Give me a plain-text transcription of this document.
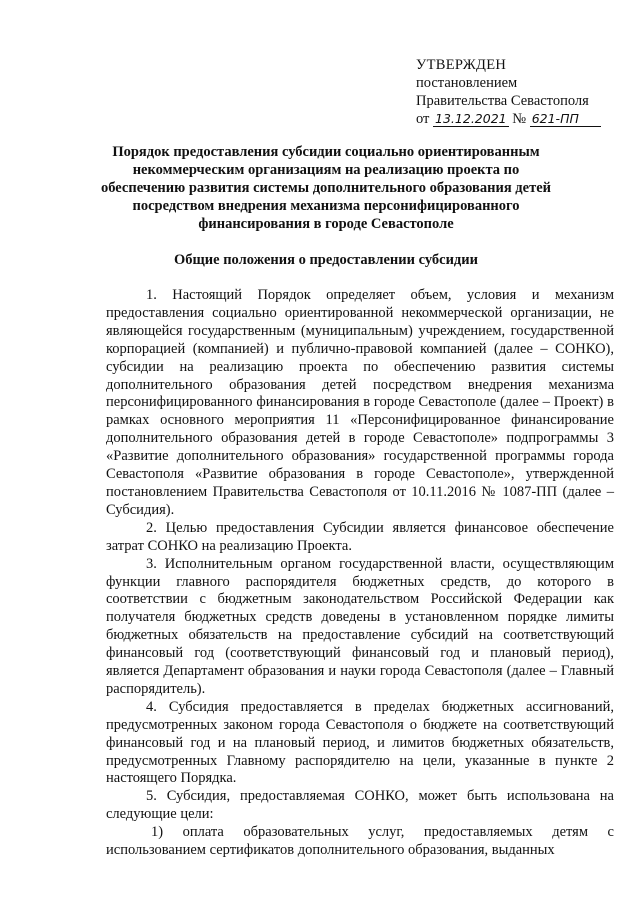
УТВЕРЖДЕН
постановлением
Правительства Севастополя
от 13.12.2021 № 621-ПП
Порядок предоставления субсидии социально ориентированным некоммерческим организациям на реализацию проекта по обеспечению развития системы дополнительного образования детей посредством внедрения механизма персонифицированного финансирования в городе Севастополе
Общие положения о предоставлении субсидии

1. Настоящий Порядок определяет объем, условия и механизм предоставления социально ориентированной некоммерческой организации, не являющейся государственным (муниципальным) учреждением, государственной корпорацией (компанией) и публично-правовой компанией (далее – СОНКО), субсидии на реализацию проекта по обеспечению развития системы дополнительного образования детей посредством внедрения механизма персонифицированного финансирования в городе Севастополе (далее – Проект) в рамках основного мероприятия 11 «Персонифицированное финансирование дополнительного образования детей в городе Севастополе» подпрограммы 3 «Развитие дополнительного образования» государственной программы города Севастополя «Развитие образования в городе Севастополе», утвержденной постановлением Правительства Севастополя от 10.11.2016 № 1087-ПП (далее – Субсидия).

2. Целью предоставления Субсидии является финансовое обеспечение затрат СОНКО на реализацию Проекта.

3. Исполнительным органом государственной власти, осуществляющим функции главного распорядителя бюджетных средств, до которого в соответствии с бюджетным законодательством Российской Федерации как получателя бюджетных средств доведены в установленном порядке лимиты бюджетных обязательств на предоставление субсидий на соответствующий финансовый год (соответствующий финансовый год и плановый период), является Департамент образования и науки города Севастополя (далее – Главный распорядитель).

4. Субсидия предоставляется в пределах бюджетных ассигнований, предусмотренных законом города Севастополя о бюджете на соответствующий финансовый год и на плановый период, и лимитов бюджетных обязательств, предусмотренных Главному распорядителю на цели, указанные в пункте 2 настоящего Порядка.

5. Субсидия, предоставляемая СОНКО, может быть использована на следующие цели:

1) оплата образовательных услуг, предоставляемых детям с использованием сертификатов дополнительного образования, выданных
